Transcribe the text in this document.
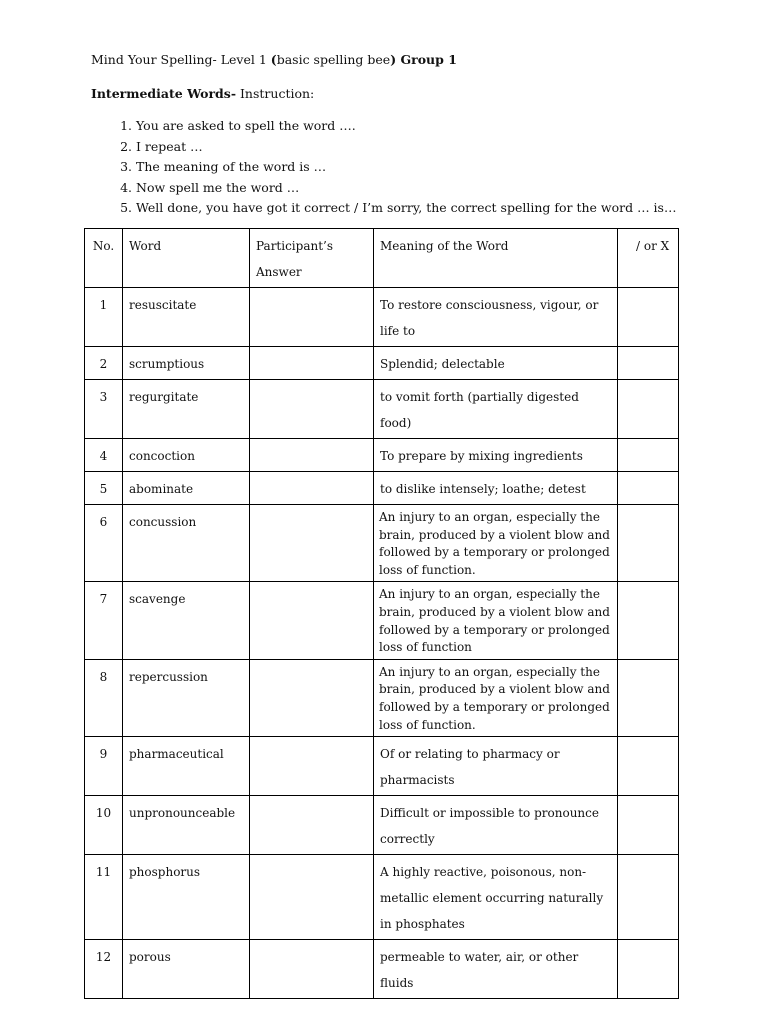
Mind Your Spelling- Level 1 (basic spelling bee) Group 1
Intermediate Words- Instruction:
1. You are asked to spell the word ….
2. I repeat …
3. The meaning of the word is …
4. Now spell me the word …
5. Well done, you have got it correct / I’m sorry, the correct spelling for the word … is…
No.	Word	Participant’s Answer	Meaning of the Word	/ or X
1	resuscitate		To restore consciousness, vigour, or life to	
2	scrumptious		Splendid; delectable	
3	regurgitate		to vomit forth (partially digested food)	
4	concoction		To prepare by mixing ingredients	
5	abominate		to dislike intensely; loathe; detest	
6	concussion		An injury to an organ, especially the brain, produced by a violent blow and followed by a temporary or prolonged loss of function.	
7	scavenge		An injury to an organ, especially the brain, produced by a violent blow and followed by a temporary or prolonged loss of function	
8	repercussion		An injury to an organ, especially the brain, produced by a violent blow and followed by a temporary or prolonged loss of function.	
9	pharmaceutical		Of or relating to pharmacy or pharmacists	
10	unpronounceable		Difficult or impossible to pronounce correctly	
11	phosphorus		A highly reactive, poisonous, non-metallic element occurring naturally in phosphates	
12	porous		permeable to water, air, or other fluids	
